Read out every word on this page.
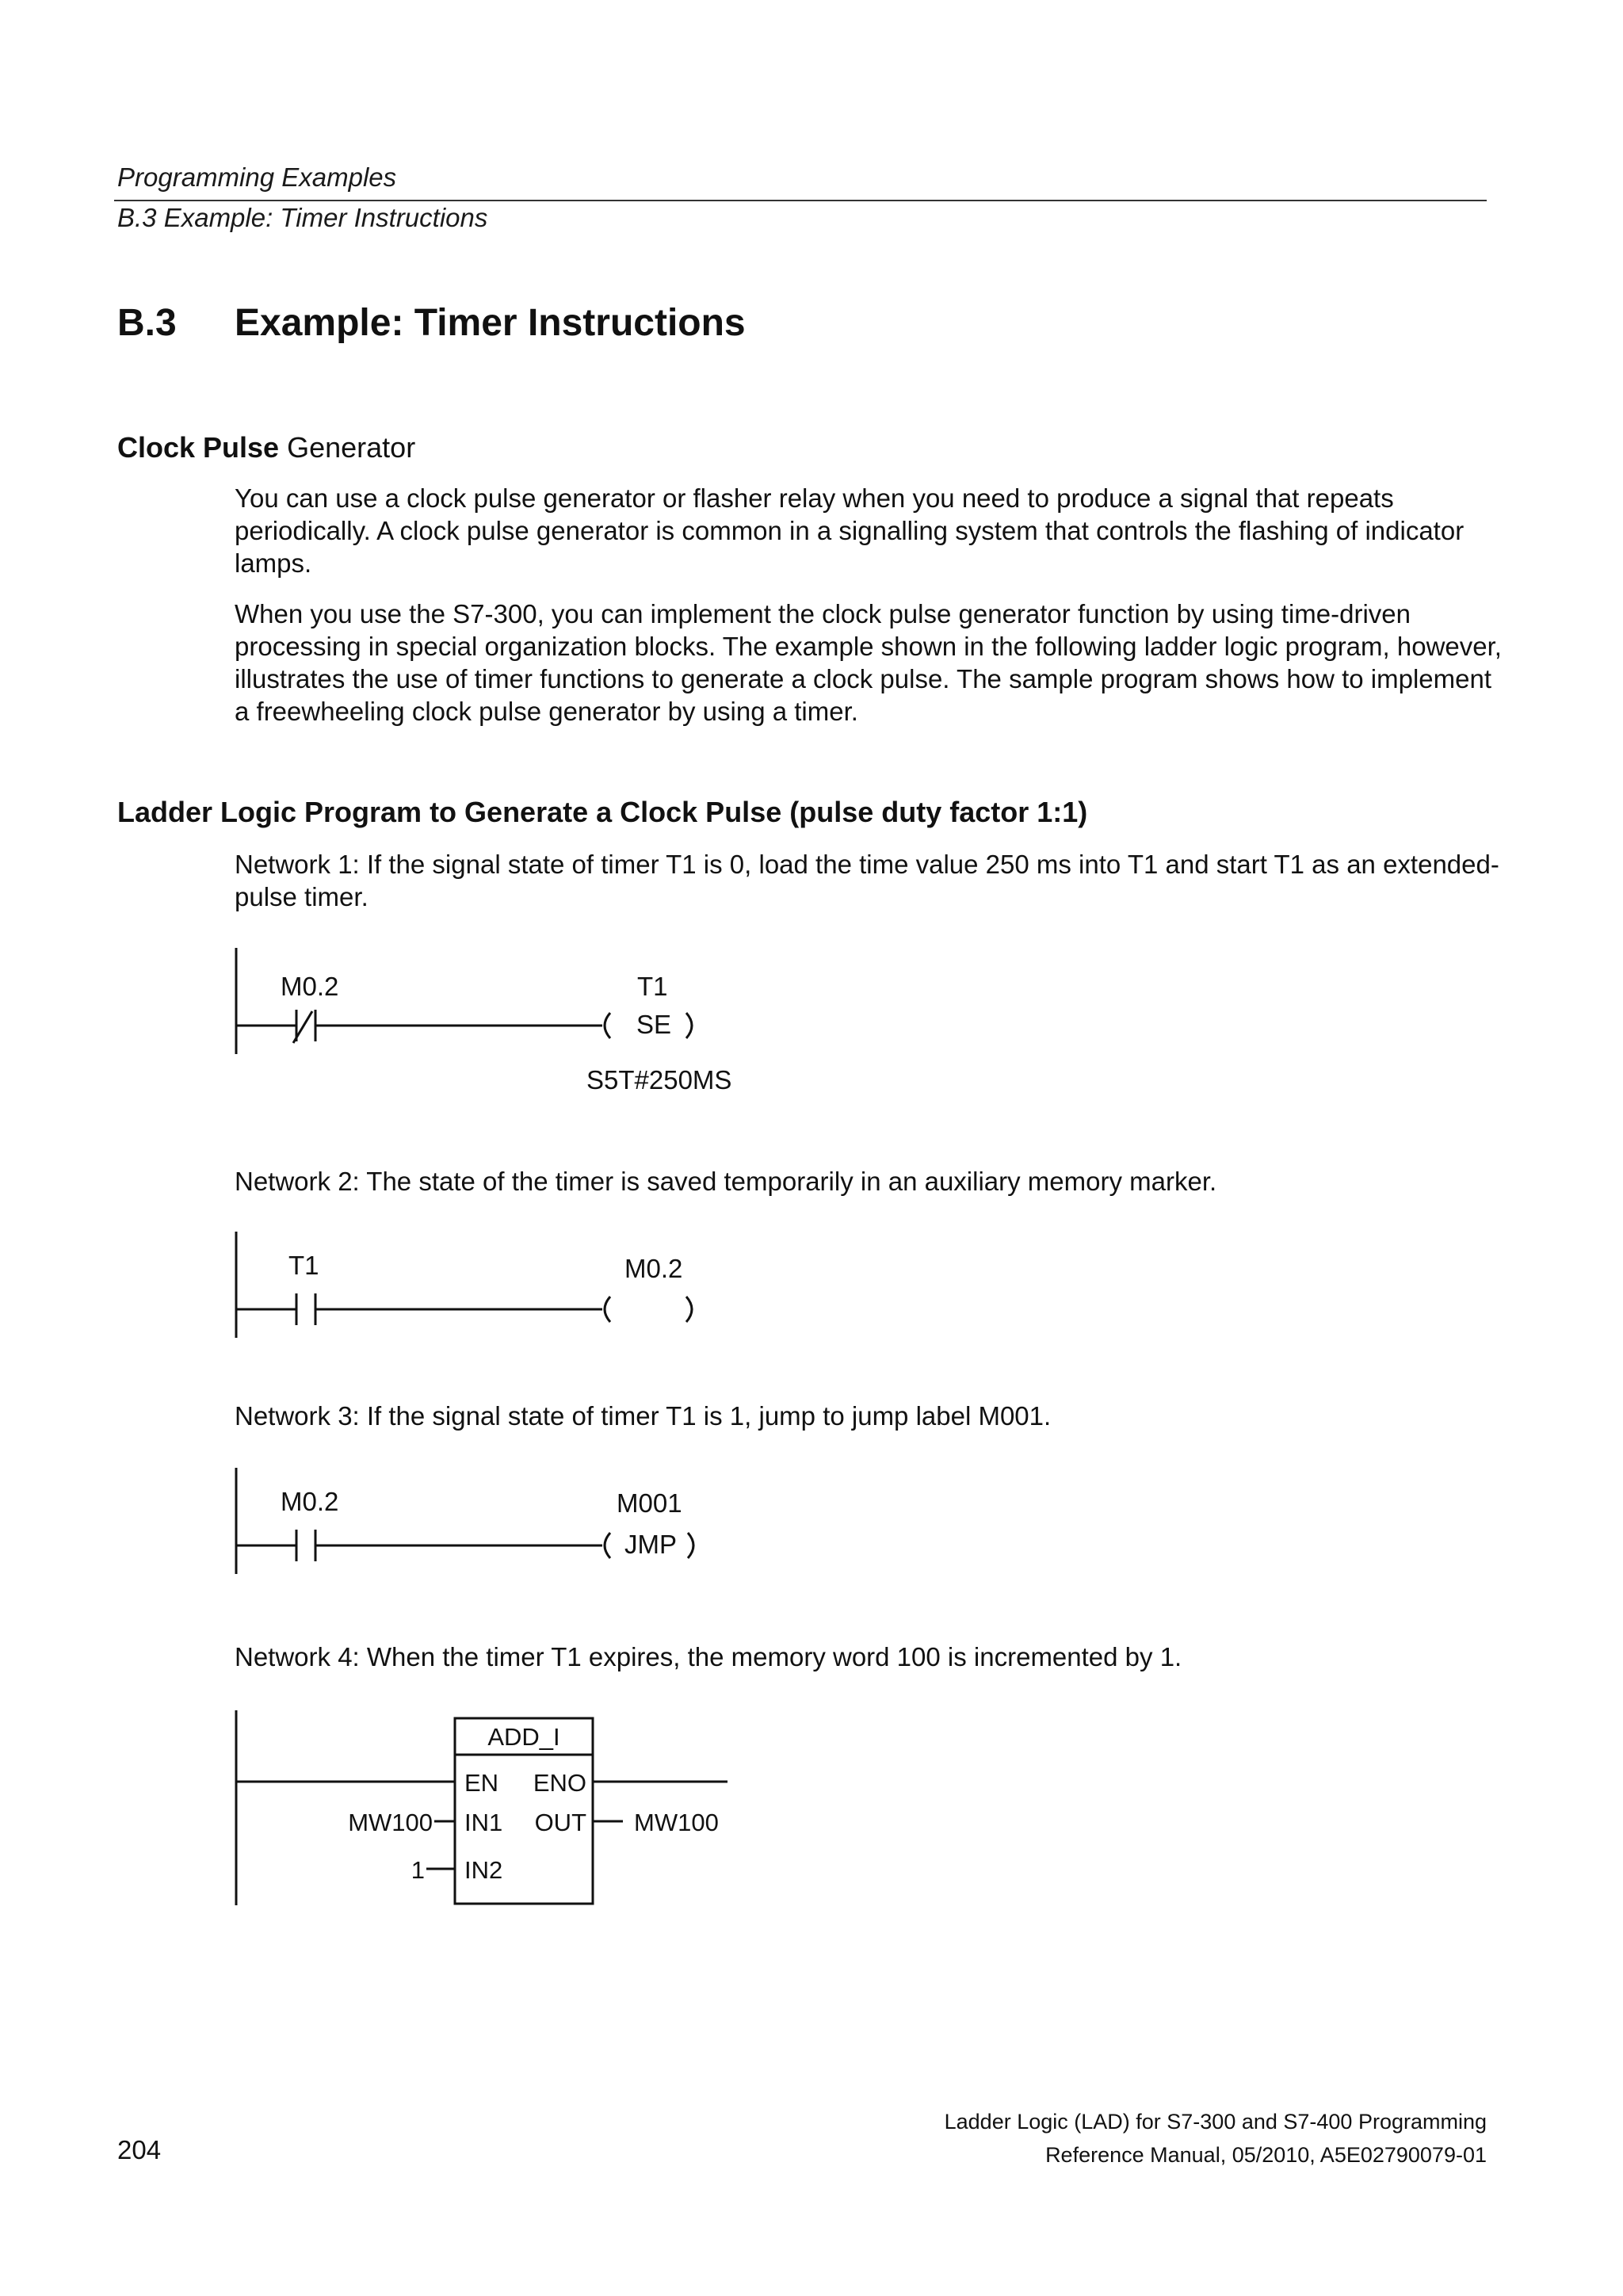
Programming Examples
B.3 Example: Timer Instructions
B.3 Example: Timer Instructions
Clock Pulse Generator
You can use a clock pulse generator or flasher relay when you need to produce a signal that repeats periodically. A clock pulse generator is common in a signalling system that controls the flashing of indicator lamps.
When you use the S7-300, you can implement the clock pulse generator function by using time-driven processing in special organization blocks. The example shown in the following ladder logic program, however, illustrates the use of timer functions to generate a clock pulse. The sample program shows how to implement a freewheeling clock pulse generator by using a timer.
Ladder Logic Program to Generate a Clock Pulse (pulse duty factor 1:1)
Network 1: If the signal state of timer T1 is 0, load the time value 250 ms into T1 and start T1 as an extended-pulse timer.
M0.2	T1
SE
S5T#250MS
Network 2: The state of the timer is saved temporarily in an auxiliary memory marker.
T1	M0.2
Network 3: If the signal state of timer T1 is 1, jump to jump label M001.
M0.2	M001
JMP
Network 4: When the timer T1 expires, the memory word 100 is incremented by 1.
ADD_I
EN ENO
IN1 OUT
IN2
MW100
1
MW100
204
Ladder Logic (LAD) for S7-300 and S7-400 Programming
Reference Manual, 05/2010, A5E02790079-01
